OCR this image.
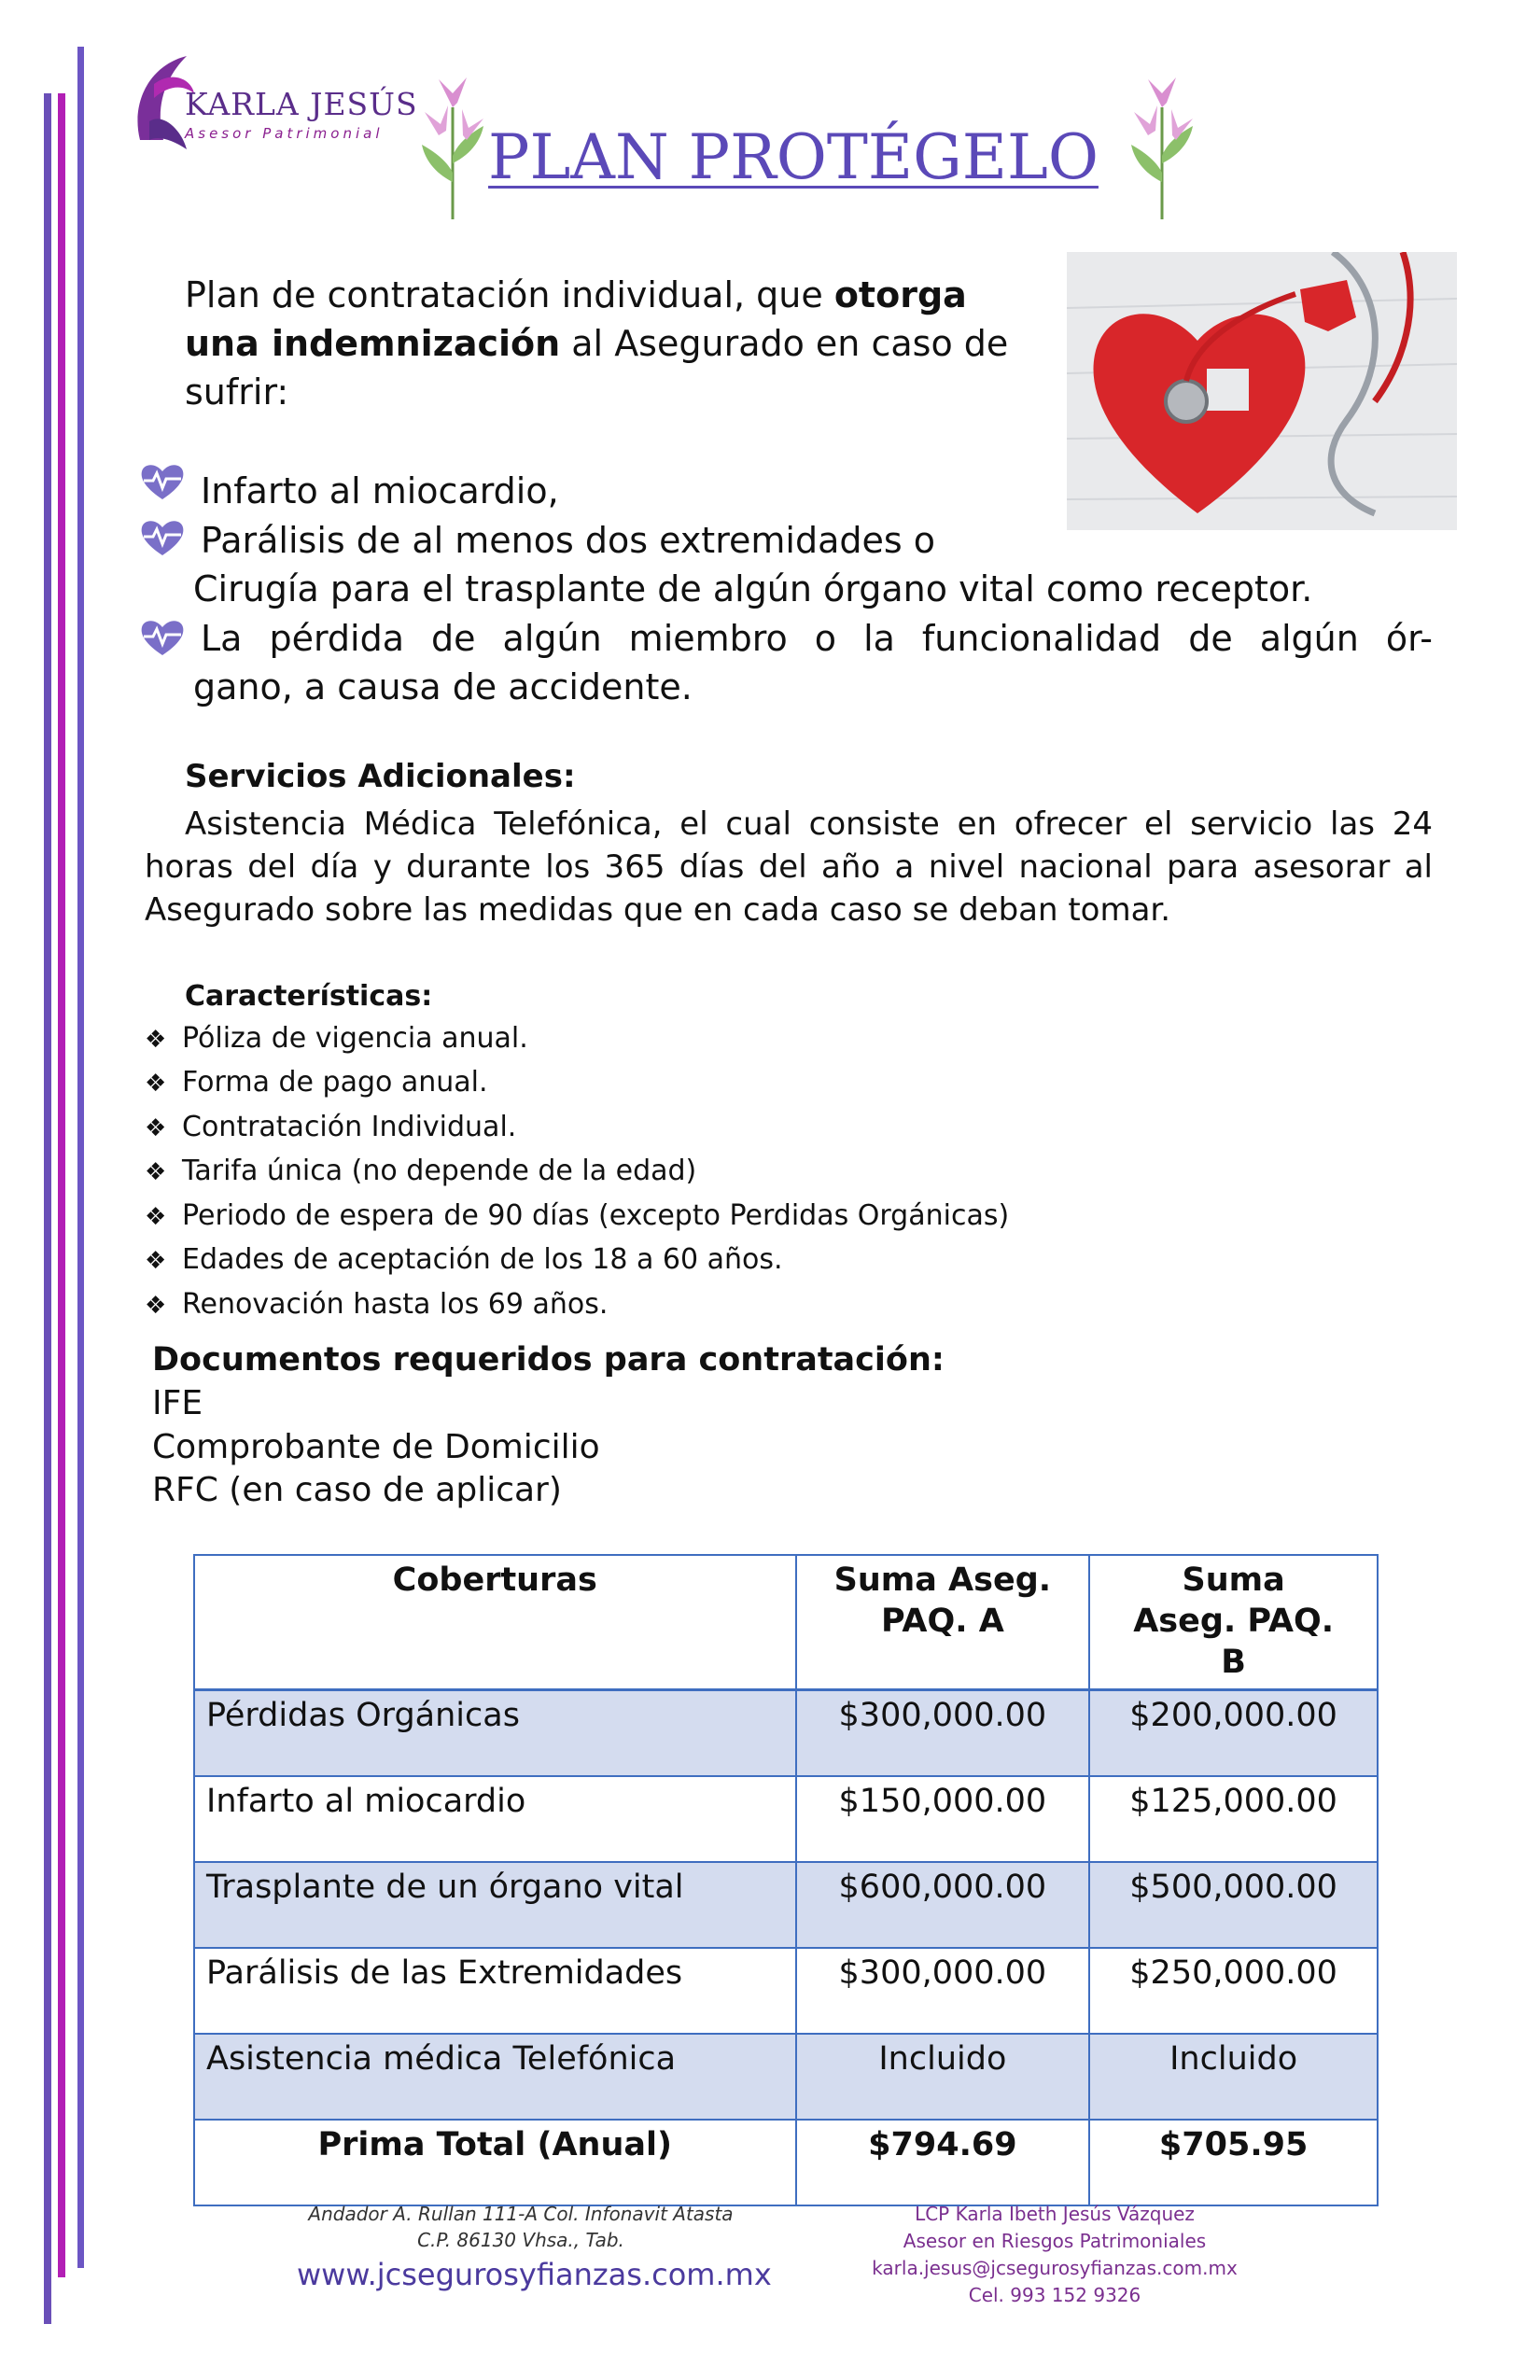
KARLA JESÚS
Asesor Patrimonial	PLAN PROTÉGELO
Plan de contratación individual, que otorga una indemnización al Asegurado en caso de sufrir:
Infarto al miocardio,
Parálisis de al menos dos extremidades o
Cirugía para el trasplante de algún órgano vital como receptor.
La pérdida de algún miembro o la funcionalidad de algún ór-
gano, a causa de accidente.
Servicios Adicionales:
Asistencia Médica Telefónica, el cual consiste en ofrecer el servicio las 24 horas del día y durante los 365 días del año a nivel nacional para asesorar al Asegurado sobre las medidas que en cada caso se deban tomar.
Características:
❖ Póliza de vigencia anual.
❖ Forma de pago anual.
❖ Contratación Individual.
❖ Tarifa única (no depende de la edad)
❖ Periodo de espera de 90 días (excepto Perdidas Orgánicas)
❖ Edades de aceptación de los 18 a 60 años.
❖ Renovación hasta los 69 años.
Documentos requeridos para contratación:
IFE
Comprobante de Domicilio
RFC (en caso de aplicar)
Coberturas	Suma Aseg. PAQ. A	Suma Aseg. PAQ. B
Pérdidas Orgánicas	$300,000.00	$200,000.00
Infarto al miocardio	$150,000.00	$125,000.00
Trasplante de un órgano vital	$600,000.00	$500,000.00
Parálisis de las Extremidades	$300,000.00	$250,000.00
Asistencia médica Telefónica	Incluido	Incluido
Prima Total (Anual)	$794.69	$705.95
Andador A. Rullan 111-A Col. Infonavit Atasta
C.P. 86130 Vhsa., Tab.
www.jcsegurosyfianzas.com.mx
LCP Karla Ibeth Jesús Vázquez
Asesor en Riesgos Patrimoniales
karla.jesus@jcsegurosyfianzas.com.mx
Cel. 993 152 9326
